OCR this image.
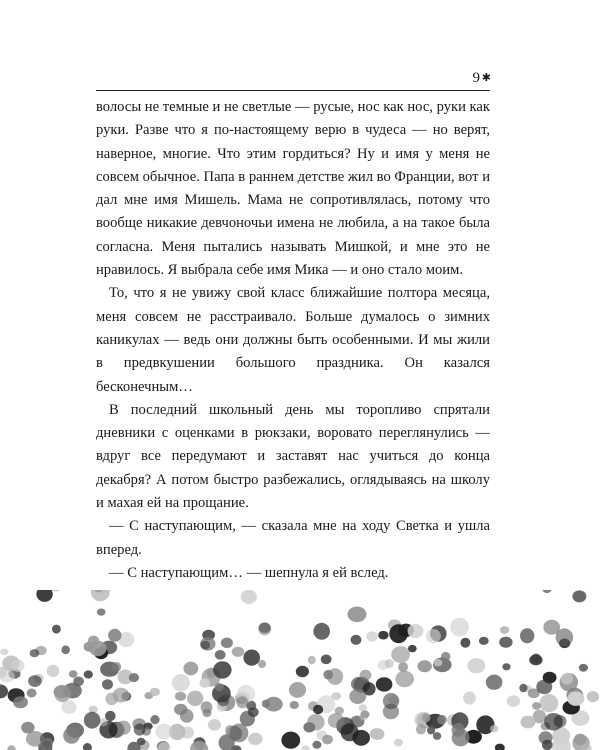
9 ✱

волосы не темные и не светлые — русые, нос как нос, руки как руки. Разве что я по-настоящему верю в чудеса — но верят, наверное, многие. Что этим гордиться? Ну и имя у меня не совсем обычное. Папа в раннем детстве жил во Франции, вот и дал мне имя Мишель. Мама не сопротивлялась, потому что вообще никакие девчоночьи имена не любила, а на такое была согласна. Меня пытались называть Мишкой, и мне это не нравилось. Я выбрала себе имя Мика — и оно стало моим.

То, что я не увижу свой класс ближайшие полтора месяца, меня совсем не расстраивало. Больше думалось о зимних каникулах — ведь они должны быть особенными. И мы жили в предвкушении большого праздника. Он казался бесконечным…

В последний школьный день мы торопливо спрятали дневники с оценками в рюкзаки, воровато переглянулись — вдруг все передумают и заставят нас учиться до конца декабря? А потом быстро разбежались, оглядываясь на школу и махая ей на прощание.

— С наступающим, — сказала мне на ходу Светка и ушла вперед.

— С наступающим… — шепнула я ей вслед.
